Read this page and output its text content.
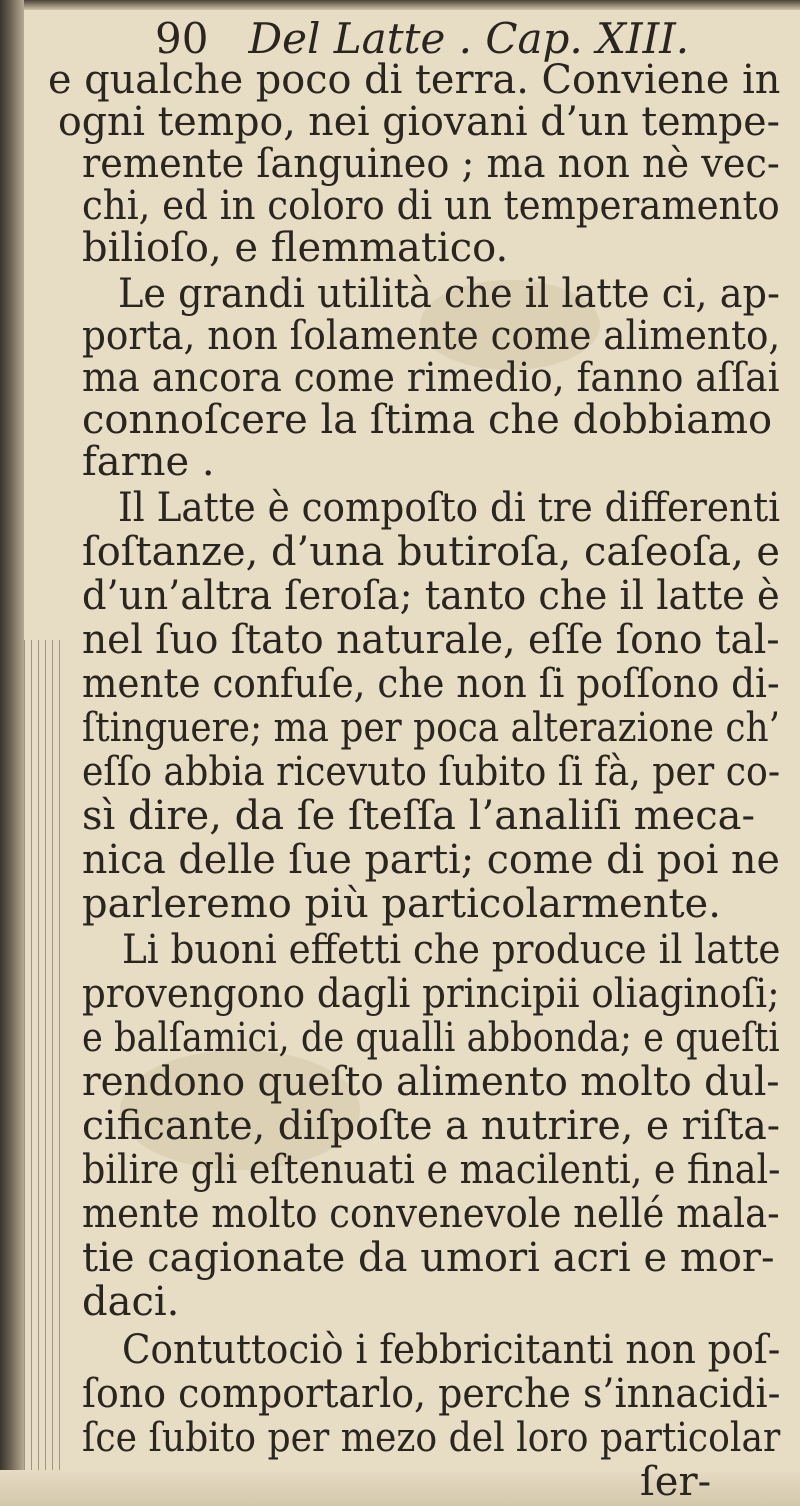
90 Del Latte . Cap. XIII.
e qualche poco di terra. Conviene in
ogni tempo, nei giovani d’un tempe-
remente ſanguineo ; ma non nè vec-
chi, ed in coloro di un temperamento
bilioſo, e flemmatico.
Le grandi utilità che il latte ci, ap-
porta, non ſolamente come alimento,
ma ancora come rimedio, fanno aſſai
connoſcere la ſtima che dobbiamo
farne .
Il Latte è compoſto di tre differenti
ſoſtanze, d’una butiroſa, caſeoſa, e
d’un’altra ſeroſa; tanto che il latte è
nel ſuo ſtato naturale, eſſe ſono tal-
mente confuſe, che non ſi poſſono di-
ſtinguere; ma per poca alterazione ch’
eſſo abbia ricevuto ſubito ſi fà, per co-
sì dire, da ſe ſteſſa l’analiſi meca-
nica delle ſue parti; come di poi ne
parleremo più particolarmente.
Li buoni effetti che produce il latte
provengono dagli principii oliaginoſi;
e balſamici, de qualli abbonda; e queſti
rendono queſto alimento molto dul-
cificante, diſpoſte a nutrire, e riſta-
bilire gli eſtenuati e macilenti, e final-
mente molto convenevole nellé mala-
tie cagionate da umori acri e mor-
daci.
Contuttociò i febbricitanti non poſ-
ſono comportarlo, perche s’innacidi-
ſce ſubito per mezo del loro particolar
ſer-
